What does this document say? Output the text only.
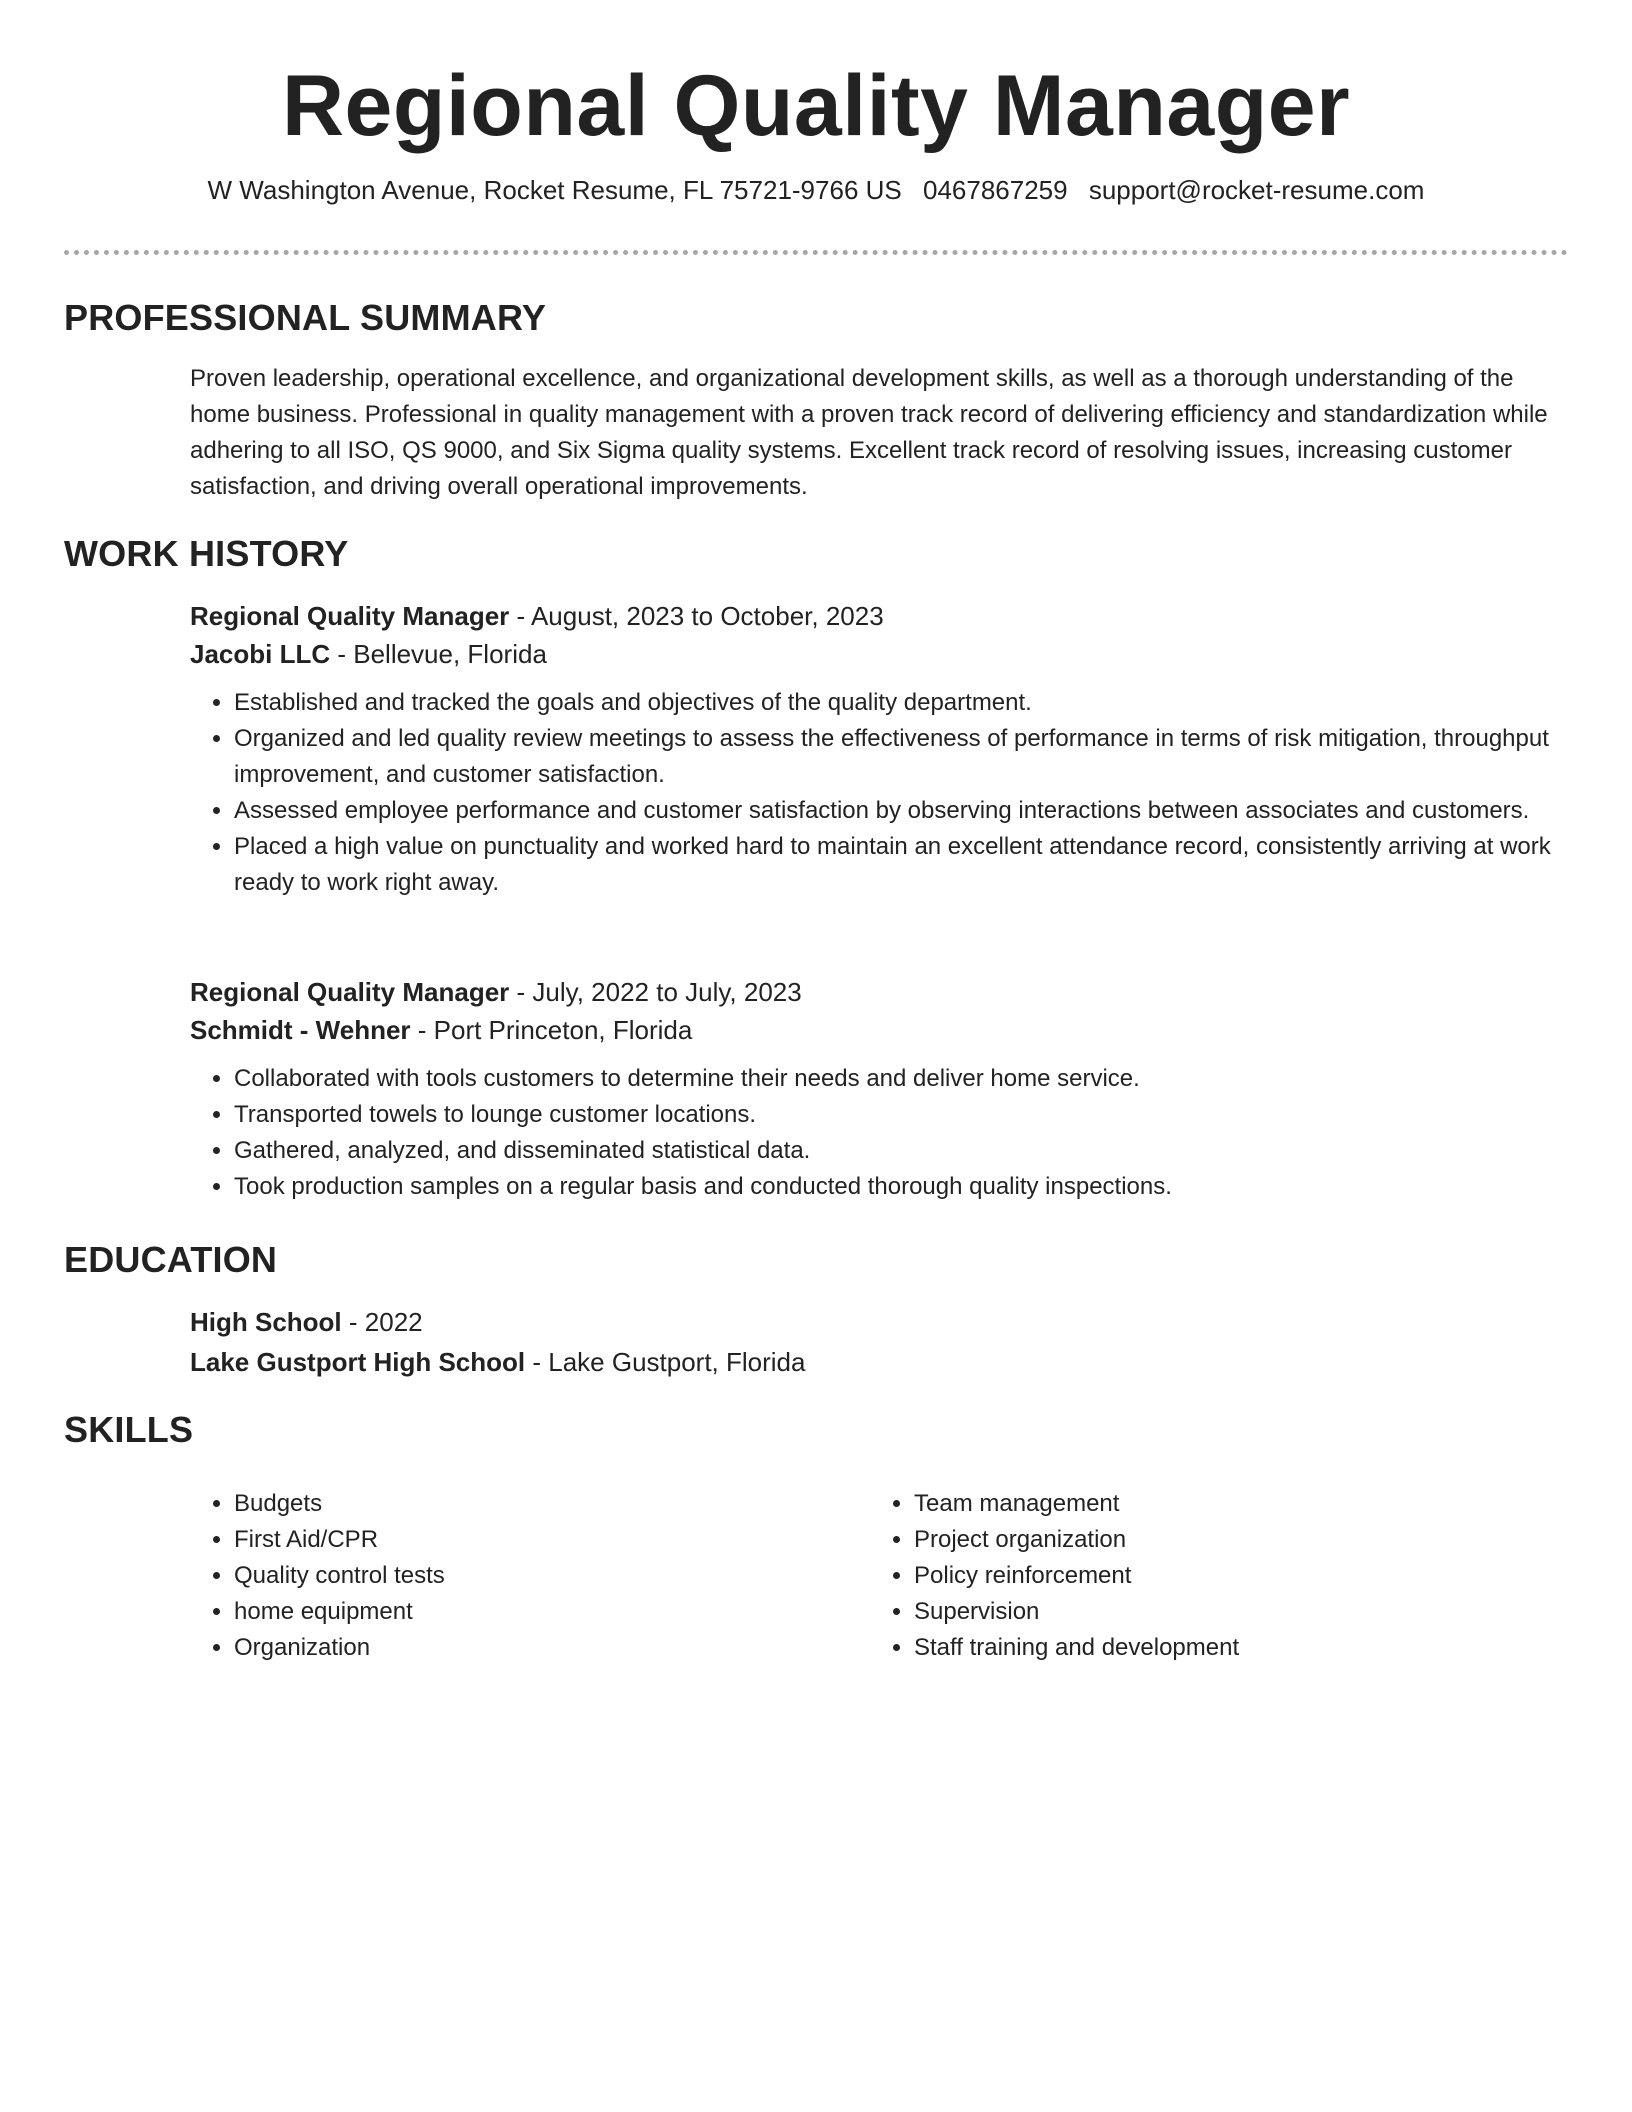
Regional Quality Manager
W Washington Avenue, Rocket Resume, FL 75721-9766 US 0467867259 support@rocket-resume.com
PROFESSIONAL SUMMARY

Proven leadership, operational excellence, and organizational development skills, as well as a thorough understanding of the home business. Professional in quality management with a proven track record of delivering efficiency and standardization while adhering to all ISO, QS 9000, and Six Sigma quality systems. Excellent track record of resolving issues, increasing customer satisfaction, and driving overall operational improvements.

WORK HISTORY

Regional Quality Manager - August, 2023 to October, 2023

Jacobi LLC - Bellevue, Florida

• Established and tracked the goals and objectives of the quality department.
• Organized and led quality review meetings to assess the effectiveness of performance in terms of risk mitigation, throughput improvement, and customer satisfaction.
• Assessed employee performance and customer satisfaction by observing interactions between associates and customers.
• Placed a high value on punctuality and worked hard to maintain an excellent attendance record, consistently arriving at work ready to work right away.

Regional Quality Manager - July, 2022 to July, 2023

Schmidt - Wehner - Port Princeton, Florida

• Collaborated with tools customers to determine their needs and deliver home service.
• Transported towels to lounge customer locations.
• Gathered, analyzed, and disseminated statistical data.
• Took production samples on a regular basis and conducted thorough quality inspections.
EDUCATION

High School - 2022

Lake Gustport High School - Lake Gustport, Florida

SKILLS
• Budgets
• First Aid/CPR
• Quality control tests
• home equipment
• Organization
• Team management
• Project organization
• Policy reinforcement
• Supervision
• Staff training and development
